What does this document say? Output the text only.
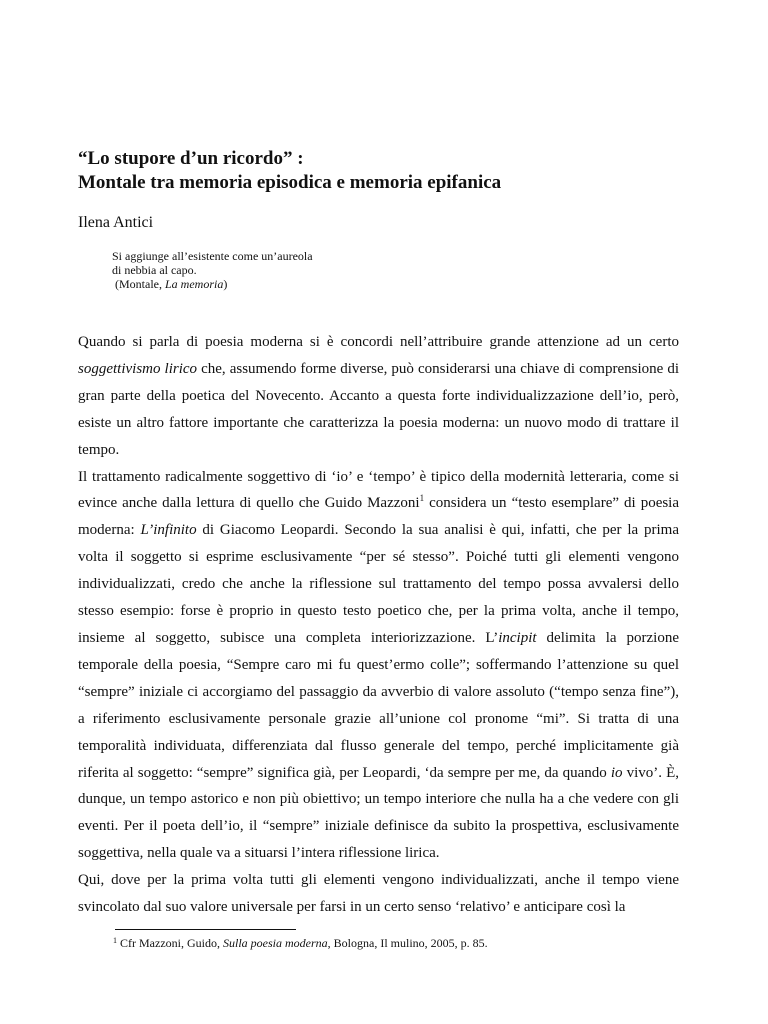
“Lo stupore d’un ricordo” :
Montale tra memoria episodica e memoria epifanica
Ilena Antici
Si aggiunge all’esistente come un’aureola
di nebbia al capo.
(Montale, La memoria)

Quando si parla di poesia moderna si è concordi nell’attribuire grande attenzione ad un certo soggettivismo lirico che, assumendo forme diverse, può considerarsi una chiave di comprensione di gran parte della poetica del Novecento. Accanto a questa forte individualizzazione dell’io, però, esiste un altro fattore importante che caratterizza la poesia moderna: un nuovo modo di trattare il tempo.

Il trattamento radicalmente soggettivo di ‘io’ e ‘tempo’ è tipico della modernità letteraria, come si evince anche dalla lettura di quello che Guido Mazzoni$^1$ considera un “testo esemplare” di poesia moderna: L’infinito di Giacomo Leopardi. Secondo la sua analisi è qui, infatti, che per la prima volta il soggetto si esprime esclusivamente “per sé stesso”. Poiché tutti gli elementi vengono individualizzati, credo che anche la riflessione sul trattamento del tempo possa avvalersi dello stesso esempio: forse è proprio in questo testo poetico che, per la prima volta, anche il tempo, insieme al soggetto, subisce una completa interiorizzazione. L’incipit delimita la porzione temporale della poesia, “Sempre caro mi fu quest’ermo colle”; soffermando l’attenzione su quel “sempre” iniziale ci accorgiamo del passaggio da avverbio di valore assoluto (“tempo senza fine”), a riferimento esclusivamente personale grazie all’unione col pronome “mi”. Si tratta di una temporalità individuata, differenziata dal flusso generale del tempo, perché implicitamente già riferita al soggetto: “sempre” significa già, per Leopardi, ‘da sempre per me, da quando io vivo’. È, dunque, un tempo astorico e non più obiettivo; un tempo interiore che nulla ha a che vedere con gli eventi. Per il poeta dell’io, il “sempre” iniziale definisce da subito la prospettiva, esclusivamente soggettiva, nella quale va a situarsi l’intera riflessione lirica.

Qui, dove per la prima volta tutti gli elementi vengono individualizzati, anche il tempo viene svincolato dal suo valore universale per farsi in un certo senso ‘relativo’ e anticipare così la

$^1$ Cfr Mazzoni, Guido, Sulla poesia moderna, Bologna, Il mulino, 2005, p. 85.
